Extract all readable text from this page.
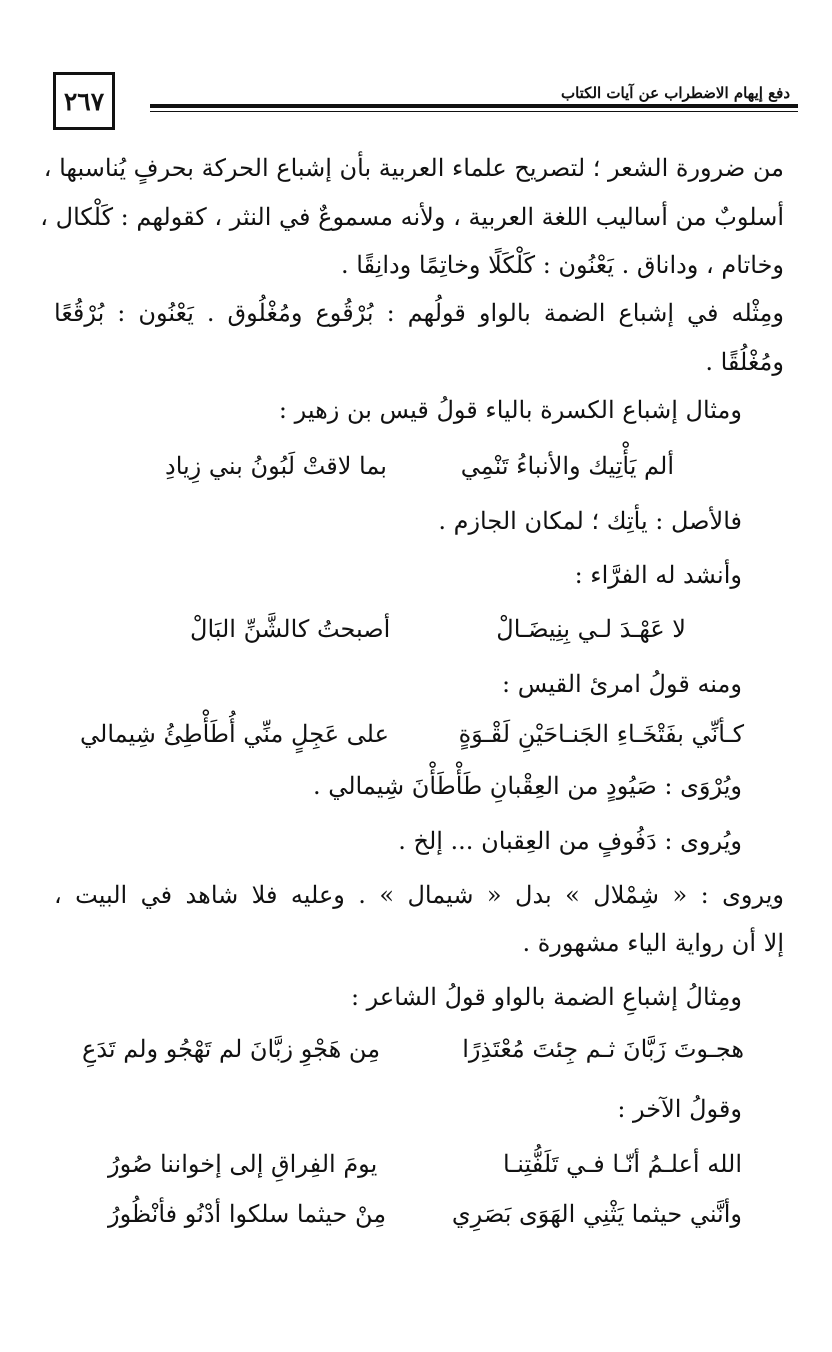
٢٦٧	دفع إيهام الاضطراب عن آيات الكتاب
من ضرورة الشعر ؛ لتصريح علماء العربية بأن إشباع الحركة بحرفٍ يُناسبها ،
أسلوبٌ من أساليب اللغة العربية ، ولأنه مسموعٌ في النثر ، كقولهم : كَلْكال ،
وخاتام ، وداناق . يَعْنُون : كَلْكَلًا وخاتِمًا ودانِقًا .
ومِثْله في إشباع الضمة بالواو قولُهم : بُرْقُوع ومُغْلُوق . يَعْنُون : بُرْقُعًا
ومُغْلُقًا .
ومثال إشباع الكسرة بالياء قولُ قيس بن زهير :
ألم يَأْتِيك والأنباءُ تَنْمِي
بما لاقتْ لَبُونُ بني زِيادِ
فالأصل : يأتِك ؛ لمكان الجازم .
وأنشد له الفرَّاء :
لا عَهْـدَ لـي بِنِيضَـالْ
أصبحتُ كالشَّنِّ البَالْ
ومنه قولُ امرئ القيس :
كـأنِّي بفَتْخَـاءِ الجَنـاحَيْنِ لَقْـوَةٍ
على عَجِلٍ منِّي أُطَأْطِئُ شِيمالي
ويُرْوَى : صَيُودٍ من العِقْبانِ طَأْطَأْنَ شِيمالي .
ويُروى : دَفُوفٍ من العِقبان ... إلخ .
ويروى : « شِمْلال » بدل « شيمال » . وعليه فلا شاهد في البيت ،
إلا أن رواية الياء مشهورة .
ومِثالُ إشباعِ الضمة بالواو قولُ الشاعر :
هجـوتَ زَبَّانَ ثـم جِئتَ مُعْتَذِرًا
مِن هَجْوِ زبَّانَ لم تَهْجُو ولم تَدَعِ
وقولُ الآخر :
الله أعلـمُ أنّـا فـي تَلَفُّتِنـا
يومَ الفِراقِ إلى إخواننا صُورُ
وأنَّني حيثما يَثْنِي الهَوَى بَصَرِي
مِنْ حيثما سلكوا أدْنُو فأنْظُورُ
